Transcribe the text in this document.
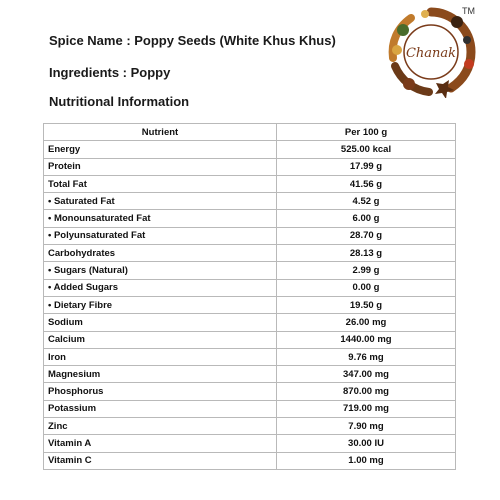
Spice Name : Poppy Seeds (White Khus Khus)
Ingredients : Poppy
Nutritional Information
Chanak
TM
Nutrient	Per 100 g
Energy	525.00 kcal
Protein	17.99 g
Total Fat	41.56 g
• Saturated Fat	4.52 g
• Monounsaturated Fat	6.00 g
• Polyunsaturated Fat	28.70 g
Carbohydrates	28.13 g
• Sugars (Natural)	2.99 g
• Added Sugars	0.00 g
• Dietary Fibre	19.50 g
Sodium	26.00 mg
Calcium	1440.00 mg
Iron	9.76 mg
Magnesium	347.00 mg
Phosphorus	870.00 mg
Potassium	719.00 mg
Zinc	7.90 mg
Vitamin A	30.00 IU
Vitamin C	1.00 mg
